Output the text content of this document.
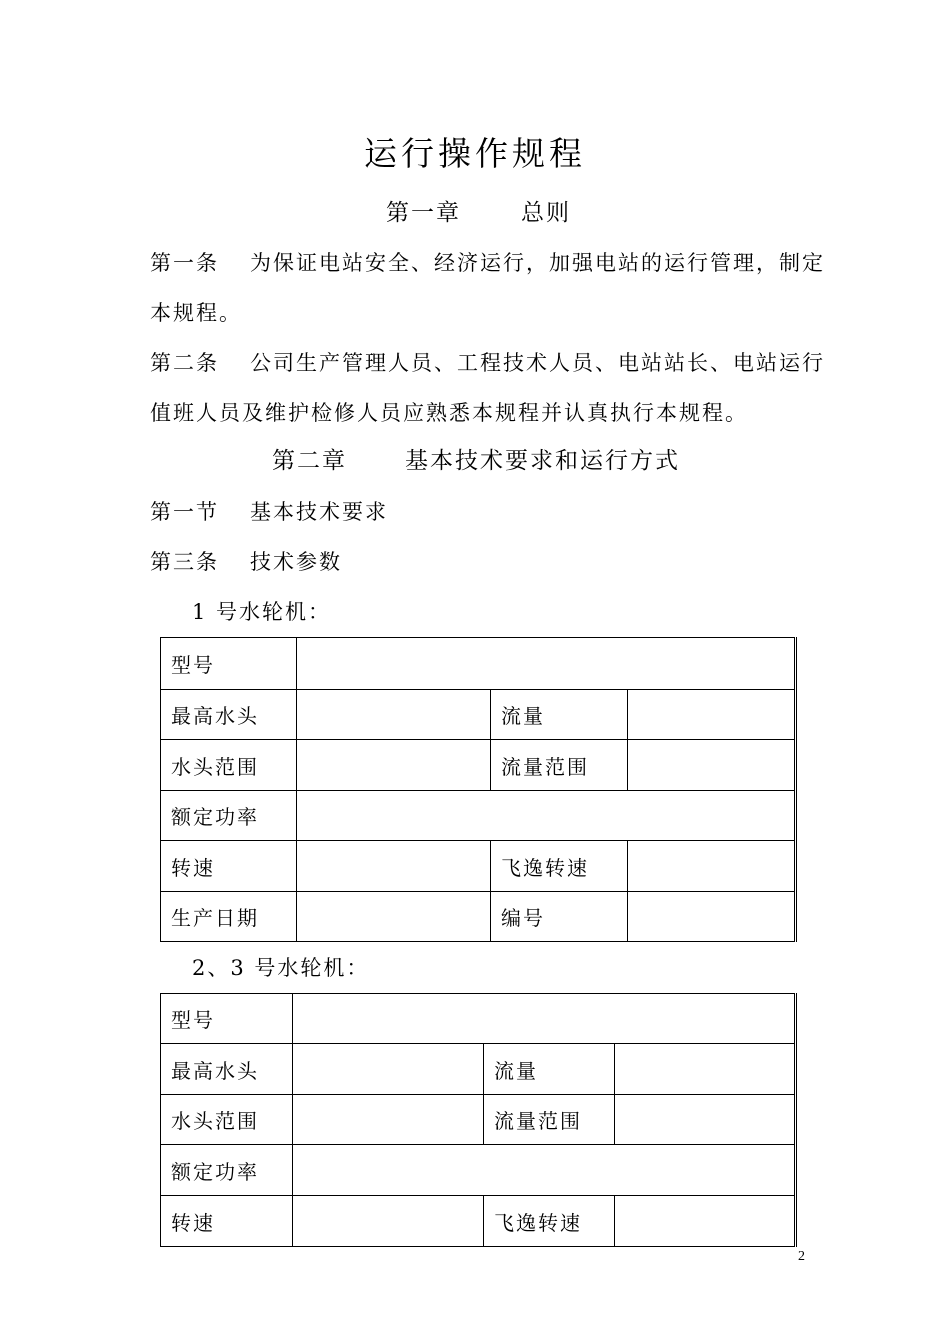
运行操作规程
第一章	总则
第一条 为保证电站安全、经济运行，加强电站的运行管理，制定
本规程。
第二条 公司生产管理人员、工程技术人员、电站站长、电站运行
值班人员及维护检修人员应熟悉本规程并认真执行本规程。
第二章	基本技术要求和运行方式
第一节 基本技术要求
第三条 技术参数
1 号水轮机：
型号			
最高水头		流量	
水头范围		流量范围	
额定功率			
转速		飞逸转速	
生产日期		编号	
2、3 号水轮机：
型号			
最高水头		流量	
水头范围		流量范围	
额定功率			
转速		飞逸转速	
2
